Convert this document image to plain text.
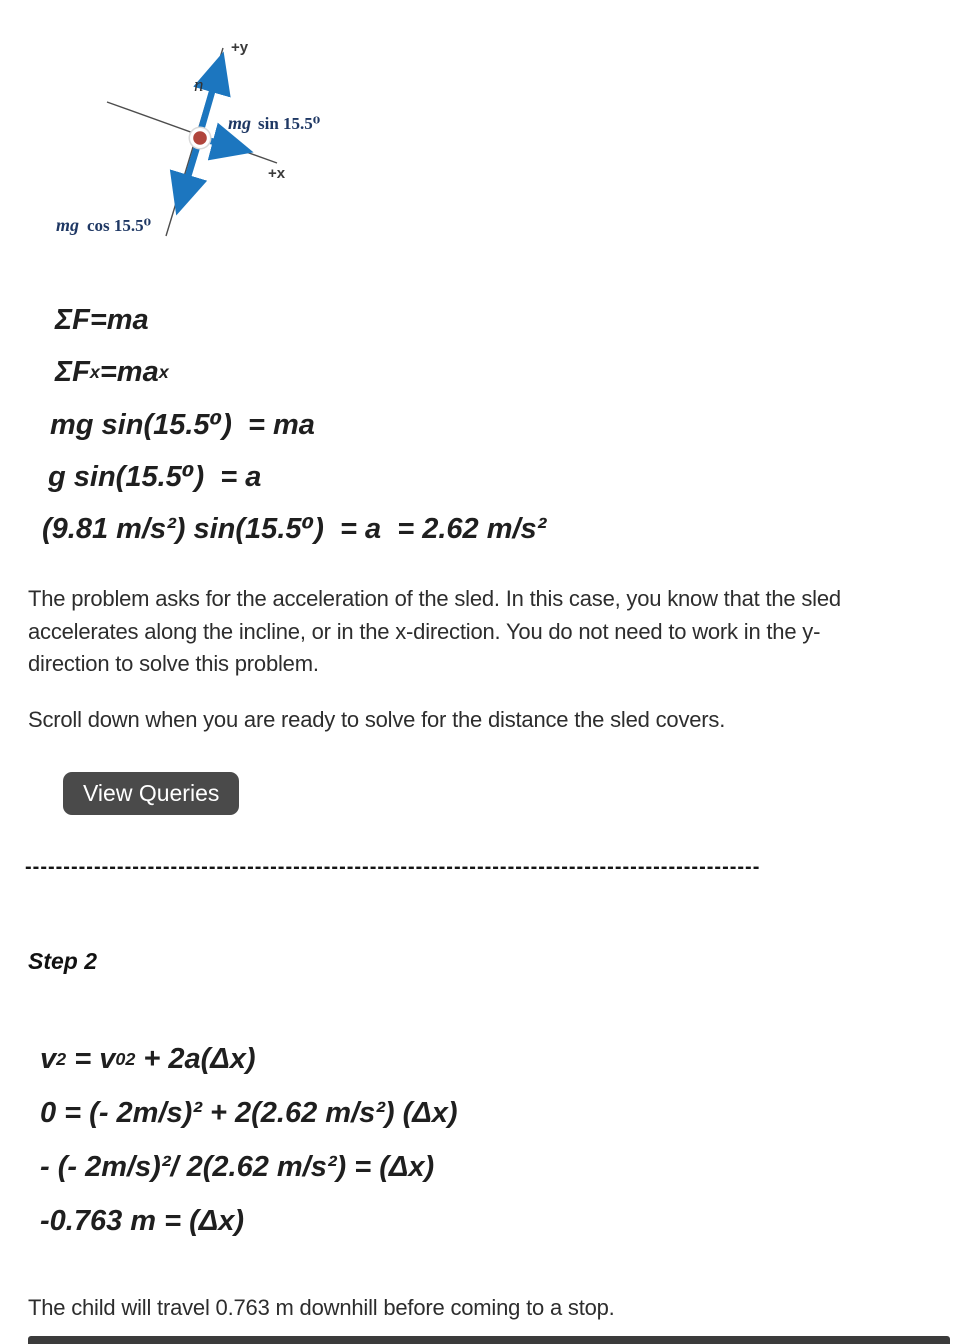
+y
+x
n
mg sin 15.5⁰
mg cos 15.5⁰
ΣF=ma
ΣF x =ma x
mg sin(15.5⁰)  = ma
g sin(15.5⁰)  = a
(9.81 m/s²) sin(15.5⁰)  = a  = 2.62 m/s²
The problem asks for the acceleration of the sled. In this case, you know that the sled
accelerates along the incline, or in the x-direction. You do not need to work in the y-
direction to solve this problem.
Scroll down when you are ready to solve for the distance the sled covers.
View Queries
------------------------------------------------------------------------------------------------
Step 2
v 2 = v 0 2 + 2a(Δx)
0 = (- 2m/s)² + 2(2.62 m/s²) (Δx)
- (- 2m/s)²/ 2(2.62 m/s²) = (Δx)
-0.763 m = (Δx)
The child will travel 0.763 m downhill before coming to a stop.
